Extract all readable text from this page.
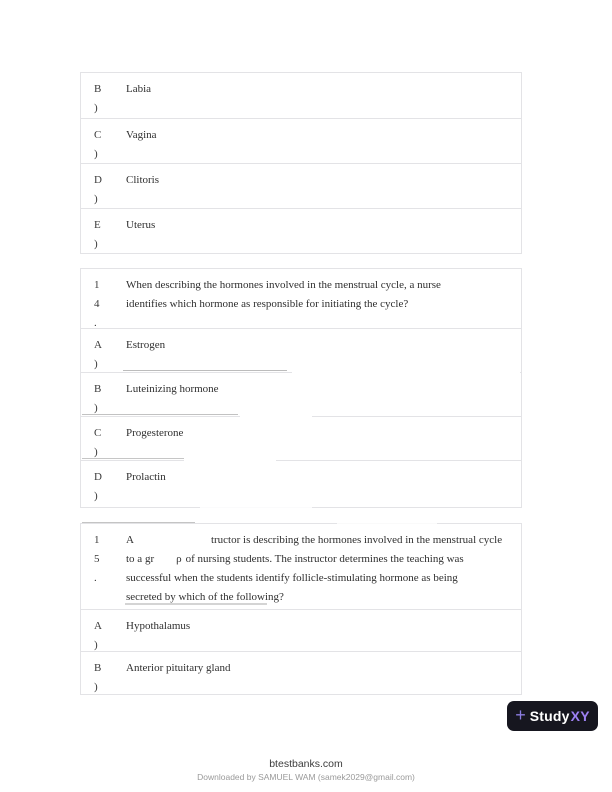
B
)
Labia
C
)
Vagina
D
)
Clitoris
E
)
Uterus
1
4
.
When describing the hormones involved in the menstrual cycle, a nurse
identifies which hormone as responsible for initiating the cycle?
A
)
Estrogen
B
)
Luteinizing hormone
C
)
Progesterone
D
)
Prolactin
1
5
.
A	tructor is describing the hormones involved in the menstrual cycle
to a gr ρ of nursing students. The instructor determines the teaching was
successful when the students identify follicle-stimulating hormone as being
secreted by which of the following?
A
)
Hypothalamus
B
)
Anterior pituitary gland
+ Study XY
btestbanks.com
Downloaded by SAMUEL WAM (samek2029@gmail.com)
